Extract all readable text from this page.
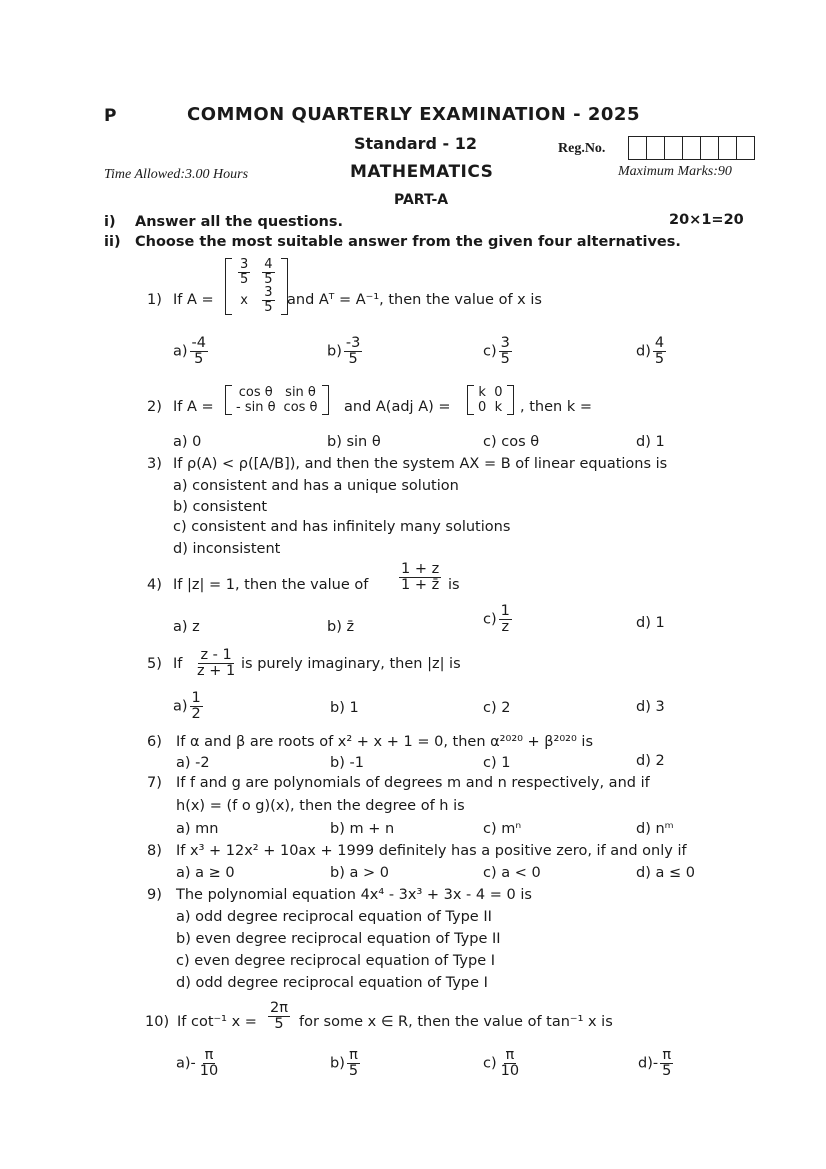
P	COMMON QUARTERLY EXAMINATION - 2025
Standard - 12	Reg.No.
Time Allowed:3.00 Hours	MATHEMATICS	Maximum Marks:90
PART-A
i) Answer all the questions.	20×1=20
ii) Choose the most suitable answer from the given four alternatives.
1) If A =
$\frac{3}{5}$	$\frac{4}{5}$

x	$\frac{3}{5}$ and Aᵀ = A⁻¹, then the value of x is
$a) \frac{-4}{5}$	$b) \frac{-3}{5}$	$c) \frac{3}{5}$	$d) \frac{4}{5}$
2) If A =
cos θ	sin θ
- sin θ	cos θ and A(adj A) =
k	0
0	k , then k =
a) 0	b) sin θ	c) cos θ	d) 1
3) If ρ(A) < ρ([A/B]), and then the system AX = B of linear equations is
a) consistent and has a unique solution
b) consistent
c) consistent and has infinitely many solutions
d) inconsistent
4) If |z| = 1, then the value of $\frac{1 + z}{1 + z̄}$ is
a) z	b) z̄	$c) \frac{1}{z}$	d) 1
5) If $\frac{z - 1}{z + 1}$ is purely imaginary, then |z| is
$a) \frac{1}{2}$	b) 1	c) 2	d) 3
6) If α and β are roots of x² + x + 1 = 0, then α²⁰²⁰ + β²⁰²⁰ is
a) -2	b) -1	c) 1	d) 2
7) If f and g are polynomials of degrees m and n respectively, and if
h(x) = (f o g)(x), then the degree of h is
a) mn	b) m + n	c) mⁿ	d) nᵐ
8) If x³ + 12x² + 10ax + 1999 definitely has a positive zero, if and only if
a) a ≥ 0	b) a > 0	c) a < 0	d) a ≤ 0
9) The polynomial equation 4x⁴ - 3x³ + 3x - 4 = 0 is
a) odd degree reciprocal equation of Type II
b) even degree reciprocal equation of Type II
c) even degree reciprocal equation of Type I
d) odd degree reciprocal equation of Type I
10) If cot⁻¹ $x = \frac{2\pi}{5}$ for some x ∈ R, then the value of tan⁻¹ x is
$a)- \frac{\pi}{10}$	$b) \frac{\pi}{5}$	$c) \frac{\pi}{10}$	$d)- \frac{\pi}{5}$
